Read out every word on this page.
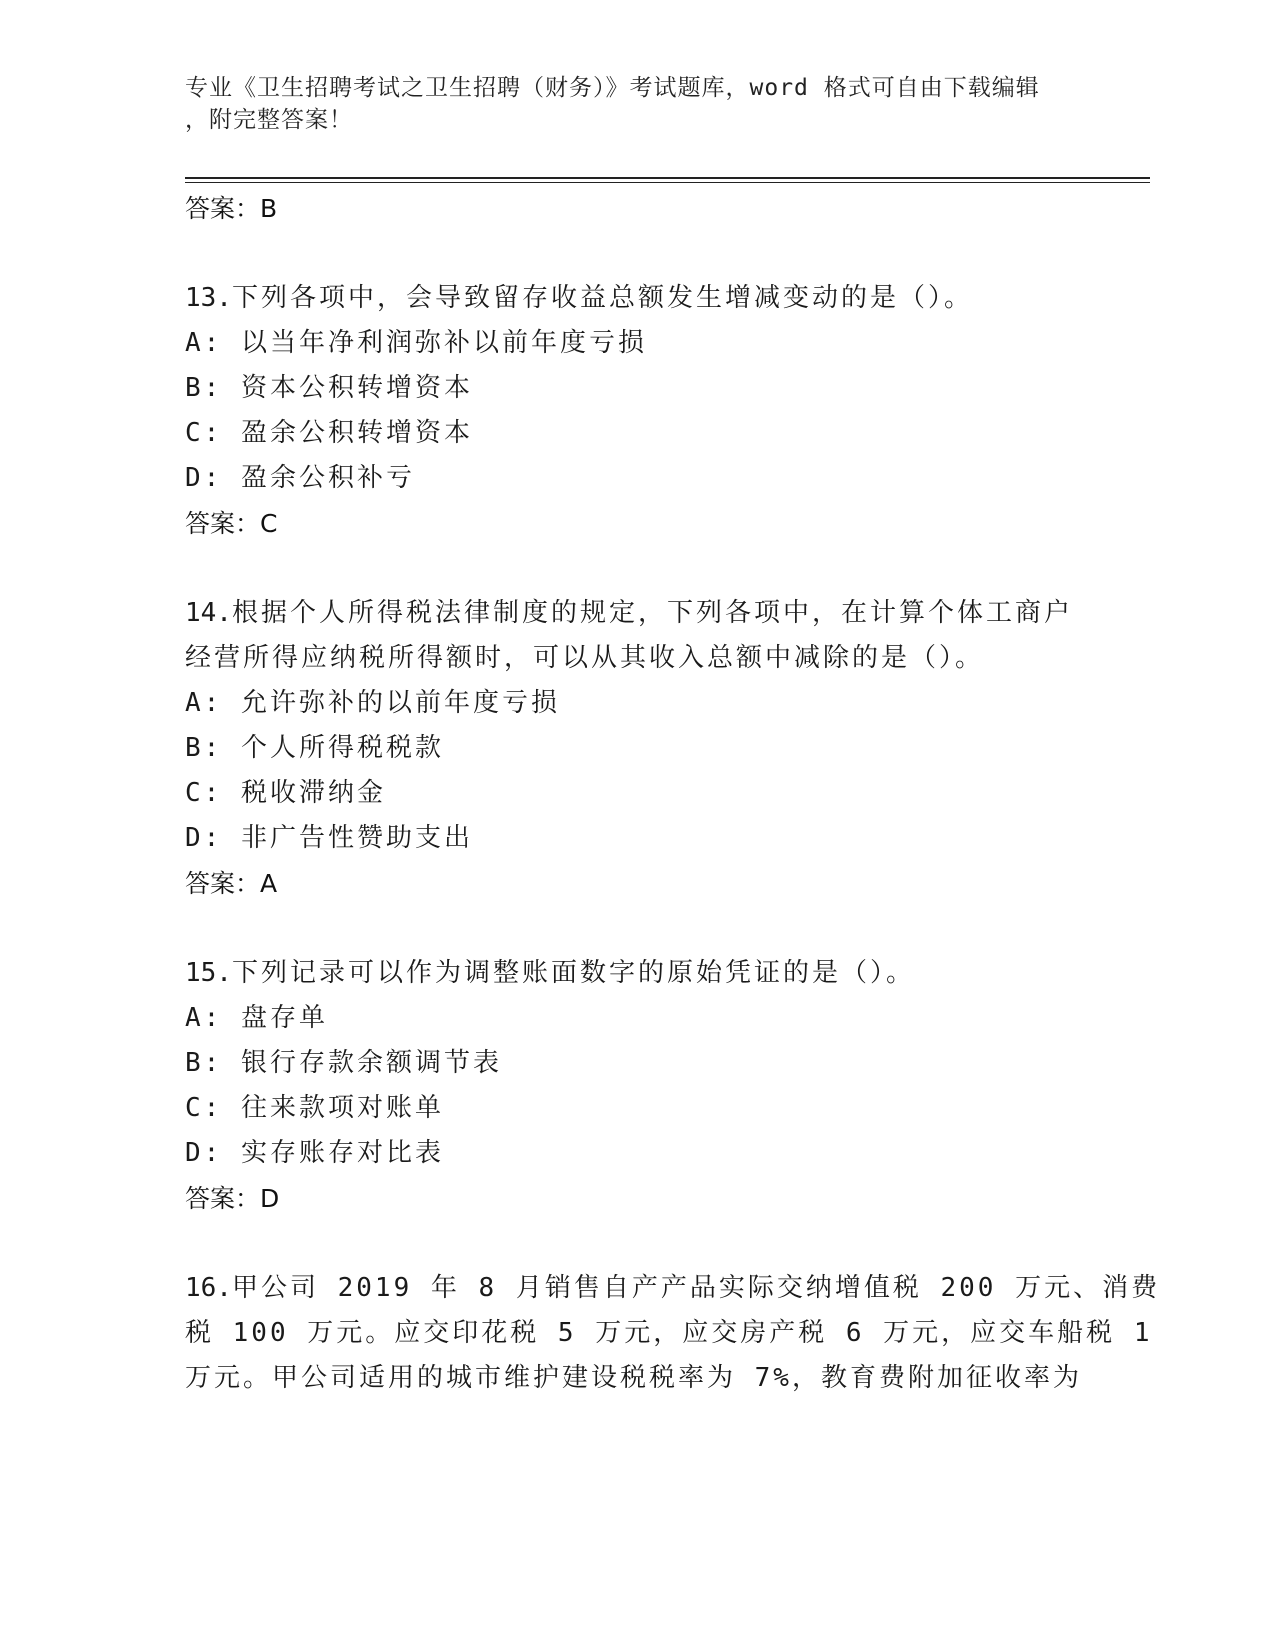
专业《卫生招聘考试之卫生招聘（财务）》考试题库，word 格式可自由下载编辑
，附完整答案！
答案：B
13.下列各项中，会导致留存收益总额发生增减变动的是（）。
A: 以当年净利润弥补以前年度亏损
B: 资本公积转增资本
C: 盈余公积转增资本
D: 盈余公积补亏
答案：C
14.根据个人所得税法律制度的规定，下列各项中，在计算个体工商户
经营所得应纳税所得额时，可以从其收入总额中减除的是（）。
A: 允许弥补的以前年度亏损
B: 个人所得税税款
C: 税收滞纳金
D: 非广告性赞助支出
答案：A
15.下列记录可以作为调整账面数字的原始凭证的是（）。
A: 盘存单
B: 银行存款余额调节表
C: 往来款项对账单
D: 实存账存对比表
答案：D
16.甲公司 2019 年 8 月销售自产产品实际交纳增值税 200 万元、消费
税 100 万元。应交印花税 5 万元，应交房产税 6 万元，应交车船税 1
万元。甲公司适用的城市维护建设税税率为 7%，教育费附加征收率为
